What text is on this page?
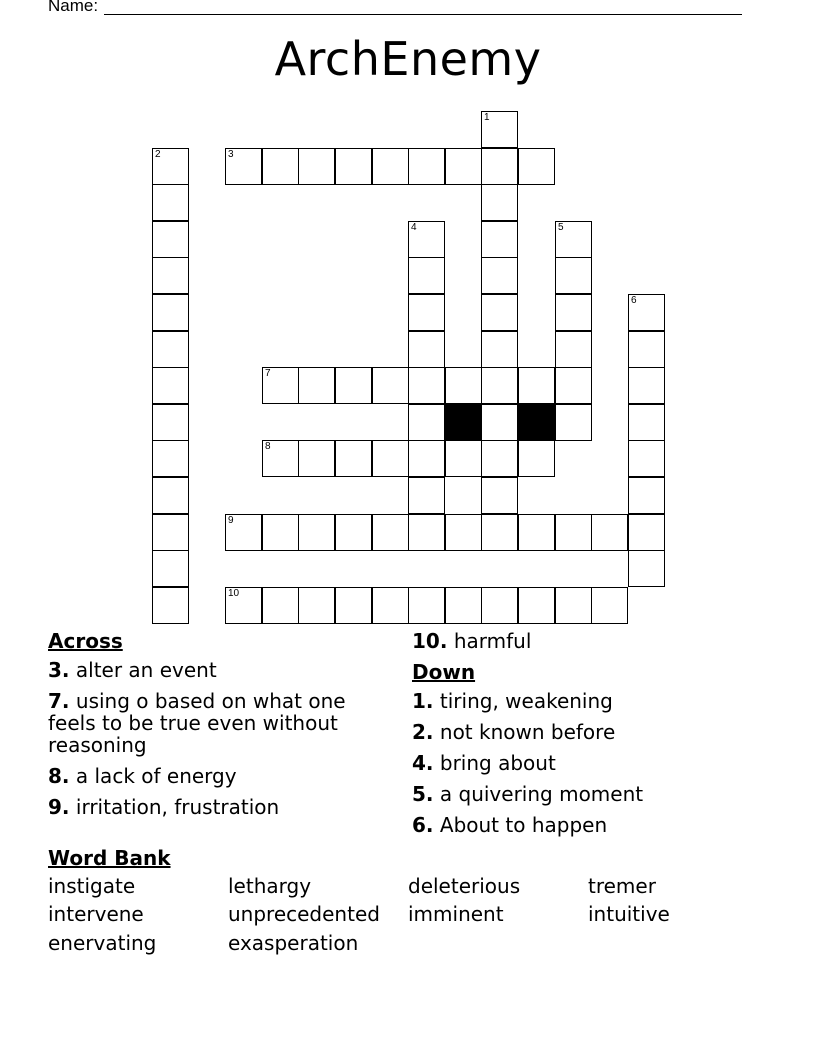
Name:
ArchEnemy
1
2	3
4	5
6
7
8
9
10
Across
3. alter an event
7. using o based on what one feels to be true even without reasoning
8. a lack of energy
9. irritation, frustration
10. harmful
Down
1. tiring, weakening
2. not known before
4. bring about
5. a quivering moment
6. About to happen
Word Bank
instigate	lethargy	deleterious	tremer
intervene	unprecedented imminent	intuitive
enervating	exasperation
